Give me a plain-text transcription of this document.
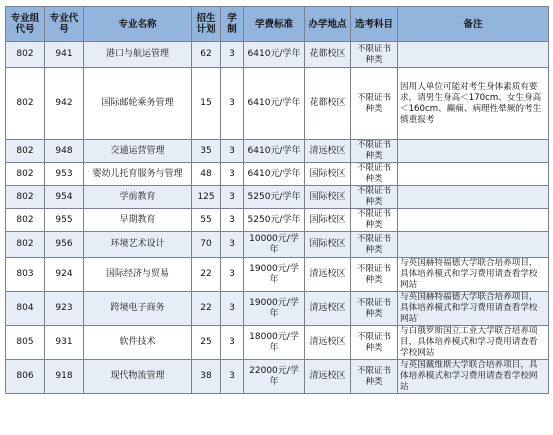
专业组代号	专业代号	专业名称	招生计划	学制	学费标准	办学地点	选考科目	备注
802	941	港口与航运管理	62	3	6410元/学年	花都校区	不限证书种类	
802	942	国际邮轮乘务管理	15	3	6410元/学年	花都校区	不限证书种类	因用人单位可能对考生身体素质有要求，请男生身高＜170cm、女生身高＜160cm、癫痫、病理性晕厥的考生慎重报考
802	948	交通运营管理	35	3	6410元/学年	清远校区	不限证书种类	
802	953	婴幼儿托育服务与管理	48	3	6410元/学年	国际校区	不限证书种类	
802	954	学前教育	125	3	5250元/学年	国际校区	不限证书种类	
802	955	早期教育	55	3	5250元/学年	国际校区	不限证书种类	
802	956	环境艺术设计	70	3	10000元/学年	国际校区	不限证书种类	
803	924	国际经济与贸易	22	3	19000元/学年	清远校区	不限证书种类	与英国赫特福德大学联合培养项目，具体培养模式和学习费用请查看学校网站
804	923	跨境电子商务	22	3	19000元/学年	清远校区	不限证书种类	与英国赫特福德大学联合培养项目，具体培养模式和学习费用请查看学校网站
805	931	软件技术	25	3	18000元/学年	清远校区	不限证书种类	与白俄罗斯国立工业大学联合培养项目，具体培养模式和学习费用请查看学校网站
806	918	现代物流管理	38	3	22000元/学年	清远校区	不限证书种类	与英国戴维斯大学联合培养项目，具体培养模式和学习费用请查看学校网站
